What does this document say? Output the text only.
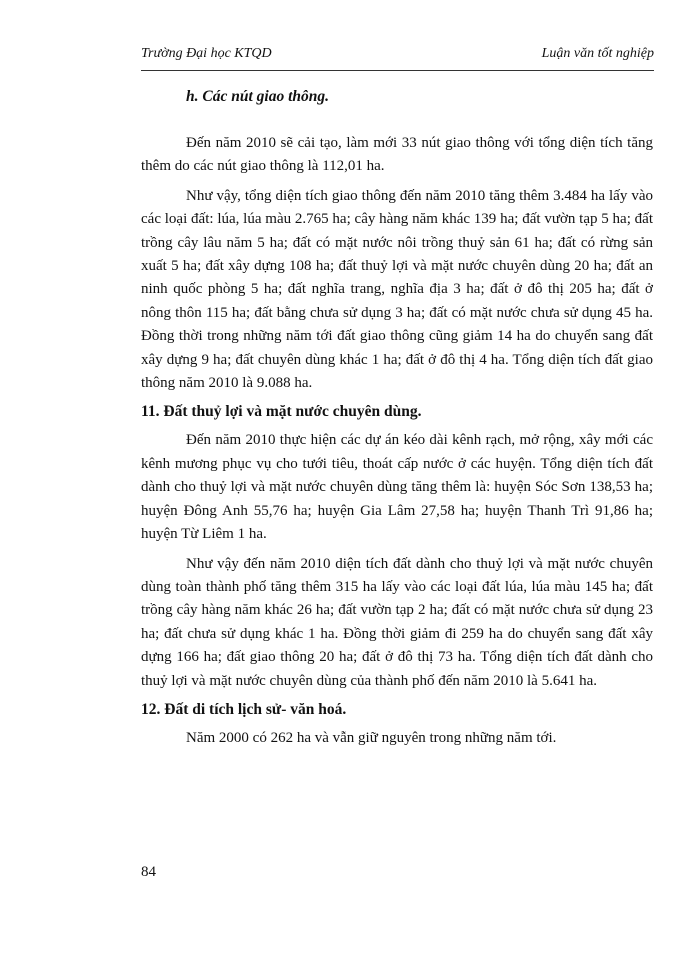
Trường Đại học KTQD	Luận văn tốt nghiệp
h. Các nút giao thông.

Đến năm 2010 sẽ cải tạo, làm mới 33 nút giao thông với tổng diện tích tăng thêm do các nút giao thông là 112,01 ha.

Như vậy, tổng diện tích giao thông đến năm 2010 tăng thêm 3.484 ha lấy vào các loại đất: lúa, lúa màu 2.765 ha; cây hàng năm khác 139 ha; đất vườn tạp 5 ha; đất trồng cây lâu năm 5 ha; đất có mặt nước nôi trồng thuỷ sản 61 ha; đất có rừng sản xuất 5 ha; đất xây dựng 108 ha; đất thuỷ lợi và mặt nước chuyên dùng 20 ha; đất an ninh quốc phòng 5 ha; đất nghĩa trang, nghĩa địa 3 ha; đất ở đô thị 205 ha; đất ở nông thôn 115 ha; đất bằng chưa sử dụng 3 ha; đất có mặt nước chưa sử dụng 45 ha. Đồng thời trong những năm tới đất giao thông cũng giảm 14 ha do chuyển sang đất xây dựng 9 ha; đất chuyên dùng khác 1 ha; đất ở đô thị 4 ha. Tổng diện tích đất giao thông năm 2010 là 9.088 ha.

11. Đất thuỷ lợi và mặt nước chuyên dùng.

Đến năm 2010 thực hiện các dự án kéo dài kênh rạch, mở rộng, xây mới các kênh mương phục vụ cho tưới tiêu, thoát cấp nước ở các huyện. Tổng diện tích đất dành cho thuỷ lợi và mặt nước chuyên dùng tăng thêm là: huyện Sóc Sơn 138,53 ha; huyện Đông Anh 55,76 ha; huyện Gia Lâm 27,58 ha; huyện Thanh Trì 91,86 ha; huyện Từ Liêm 1 ha.

Như vậy đến năm 2010 diện tích đất dành cho thuỷ lợi và mặt nước chuyên dùng toàn thành phố tăng thêm 315 ha lấy vào các loại đất lúa, lúa màu 145 ha; đất trồng cây hàng năm khác 26 ha; đất vườn tạp 2 ha; đất có mặt nước chưa sử dụng 23 ha; đất chưa sử dụng khác 1 ha. Đồng thời giảm đi 259 ha do chuyển sang đất xây dựng 166 ha; đất giao thông 20 ha; đất ở đô thị 73 ha. Tổng diện tích đất dành cho thuỷ lợi và mặt nước chuyên dùng của thành phố đến năm 2010 là 5.641 ha.

12. Đất di tích lịch sử- văn hoá.

Năm 2000 có 262 ha và vẫn giữ nguyên trong những năm tới.

84
